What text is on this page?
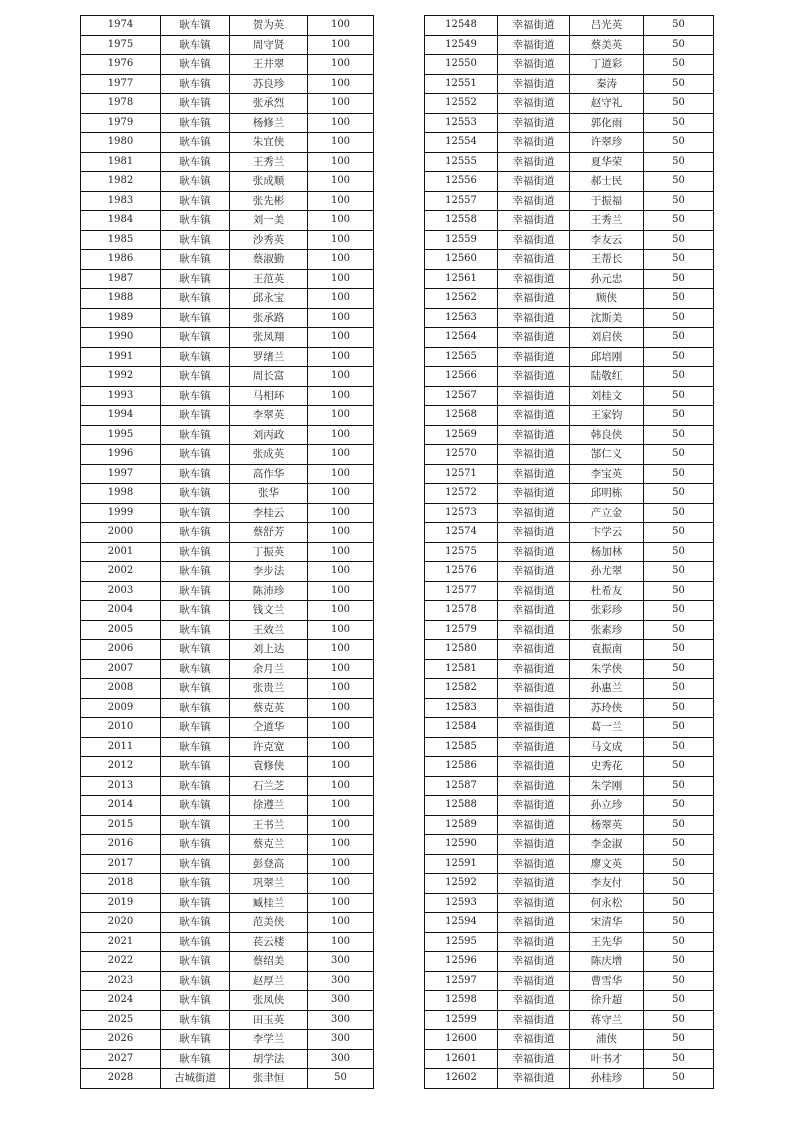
1974	耿车镇	贺为英	100
1975	耿车镇	周守贤	100
1976	耿车镇	王井翠	100
1977	耿车镇	苏良珍	100
1978	耿车镇	张承烈	100
1979	耿车镇	杨修兰	100
1980	耿车镇	朱宜侠	100
1981	耿车镇	王秀兰	100
1982	耿车镇	张成顺	100
1983	耿车镇	张先彬	100
1984	耿车镇	刘一美	100
1985	耿车镇	沙秀英	100
1986	耿车镇	蔡淑勤	100
1987	耿车镇	王范英	100
1988	耿车镇	邱永宝	100
1989	耿车镇	张承路	100
1990	耿车镇	张凤翔	100
1991	耿车镇	罗绪兰	100
1992	耿车镇	周长富	100
1993	耿车镇	马相环	100
1994	耿车镇	李翠英	100
1995	耿车镇	刘丙政	100
1996	耿车镇	张成英	100
1997	耿车镇	高作华	100
1998	耿车镇	张华	100
1999	耿车镇	李桂云	100
2000	耿车镇	蔡舒芳	100
2001	耿车镇	丁振英	100
2002	耿车镇	李步法	100
2003	耿车镇	陈沛珍	100
2004	耿车镇	钱文兰	100
2005	耿车镇	王效兰	100
2006	耿车镇	刘上达	100
2007	耿车镇	余月兰	100
2008	耿车镇	张贵兰	100
2009	耿车镇	蔡克英	100
2010	耿车镇	仝道华	100
2011	耿车镇	许克宽	100
2012	耿车镇	袁修侠	100
2013	耿车镇	石兰芝	100
2014	耿车镇	徐遵兰	100
2015	耿车镇	王书兰	100
2016	耿车镇	蔡克兰	100
2017	耿车镇	彭登高	100
2018	耿车镇	巩翠兰	100
2019	耿车镇	臧桂兰	100
2020	耿车镇	范美侠	100
2021	耿车镇	苌云楼	100
2022	耿车镇	蔡绍美	300
2023	耿车镇	赵厚兰	300
2024	耿车镇	张凤侠	300
2025	耿车镇	田玉英	300
2026	耿车镇	李学兰	300
2027	耿车镇	胡学法	300
2028	古城街道	张聿恒	50
12548	幸福街道	吕光英	50
12549	幸福街道	蔡美英	50
12550	幸福街道	丁道彩	50
12551	幸福街道	秦涛	50
12552	幸福街道	赵守礼	50
12553	幸福街道	郭化雨	50
12554	幸福街道	许翠珍	50
12555	幸福街道	夏华荣	50
12556	幸福街道	郝士民	50
12557	幸福街道	于振福	50
12558	幸福街道	王秀兰	50
12559	幸福街道	李友云	50
12560	幸福街道	王帮长	50
12561	幸福街道	孙元忠	50
12562	幸福街道	顾侠	50
12563	幸福街道	沈斯美	50
12564	幸福街道	刘启侠	50
12565	幸福街道	邱培刚	50
12566	幸福街道	陆敬红	50
12567	幸福街道	刘桂文	50
12568	幸福街道	王家钧	50
12569	幸福街道	韩良侠	50
12570	幸福街道	郜仁义	50
12571	幸福街道	李宝英	50
12572	幸福街道	邱明栋	50
12573	幸福街道	产立金	50
12574	幸福街道	卞学云	50
12575	幸福街道	杨加林	50
12576	幸福街道	孙尤翠	50
12577	幸福街道	杜希友	50
12578	幸福街道	张彩珍	50
12579	幸福街道	张素珍	50
12580	幸福街道	袁振南	50
12581	幸福街道	朱学侠	50
12582	幸福街道	孙惠兰	50
12583	幸福街道	苏玲侠	50
12584	幸福街道	葛一兰	50
12585	幸福街道	马文成	50
12586	幸福街道	史秀花	50
12587	幸福街道	朱学刚	50
12588	幸福街道	孙立珍	50
12589	幸福街道	杨翠英	50
12590	幸福街道	李金淑	50
12591	幸福街道	廖文英	50
12592	幸福街道	李友付	50
12593	幸福街道	何永松	50
12594	幸福街道	宋清华	50
12595	幸福街道	王先华	50
12596	幸福街道	陈庆增	50
12597	幸福街道	曹雪华	50
12598	幸福街道	徐升超	50
12599	幸福街道	蒋守兰	50
12600	幸福街道	浦侠	50
12601	幸福街道	叶书才	50
12602	幸福街道	孙桂珍	50
